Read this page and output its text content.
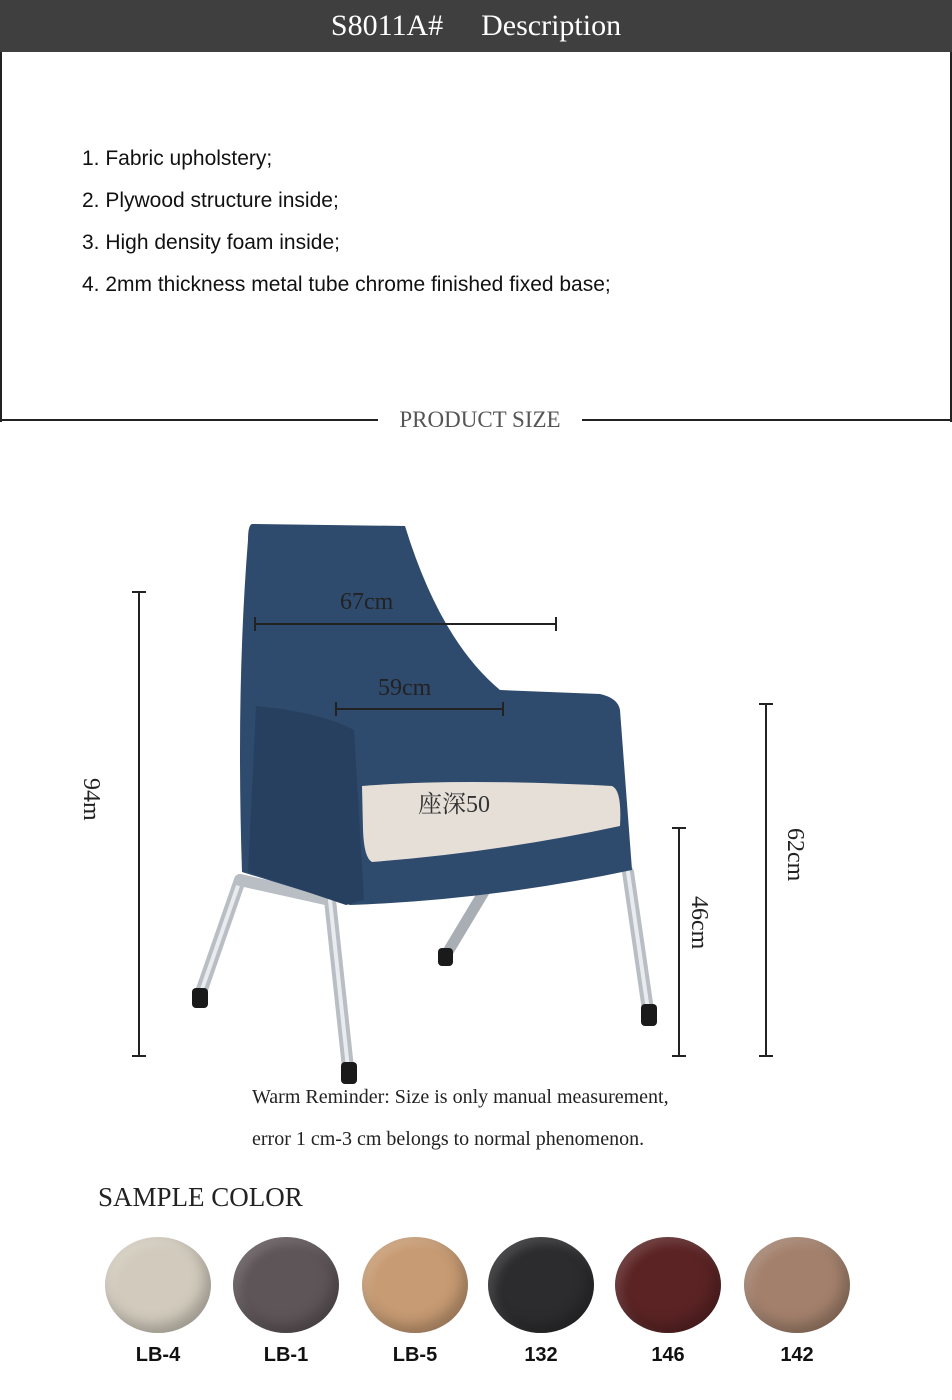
S8011A# Description
1. Fabric upholstery;
2. Plywood structure inside;
3. High density foam inside;
4. 2mm thickness metal tube chrome finished fixed base;
PRODUCT SIZE
67cm
59cm
座深50
94m
46cm
62cm
Warm Reminder: Size is only manual measurement,
error 1 cm-3 cm belongs to normal phenomenon.
SAMPLE COLOR
LB-4	LB-1	LB-5	132	146	142
